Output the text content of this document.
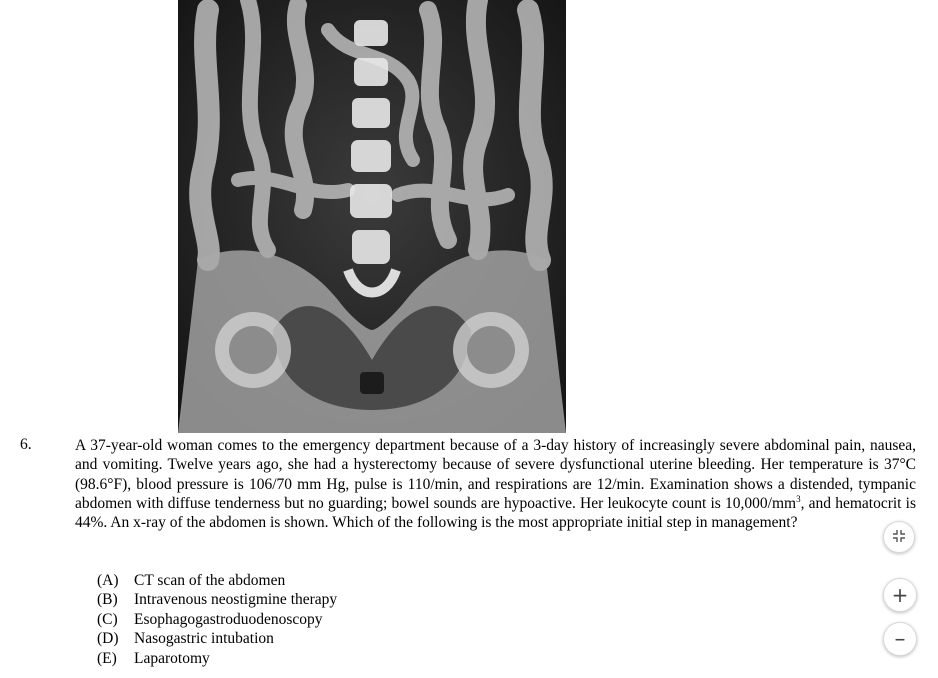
6.	A 37-year-old woman comes to the emergency department because of a 3-day history of increasingly severe abdominal pain, nausea, and vomiting. Twelve years ago, she had a hysterectomy because of severe dysfunctional uterine bleeding. Her temperature is 37°C (98.6°F), blood pressure is 106/70 mm Hg, pulse is 110/min, and respirations are 12/min. Examination shows a distended, tympanic abdomen with diffuse tenderness but no guarding; bowel sounds are hypoactive. Her leukocyte count is $10,000/mm^3$, and hematocrit is 44%. An x-ray of the abdomen is shown. Which of the following is the most appropriate initial step in management?

(A) CT scan of the abdomen
(B) Intravenous neostigmine therapy
(C) Esophagogastroduodenoscopy
(D) Nasogastric intubation
(E) Laparotomy
+
–
